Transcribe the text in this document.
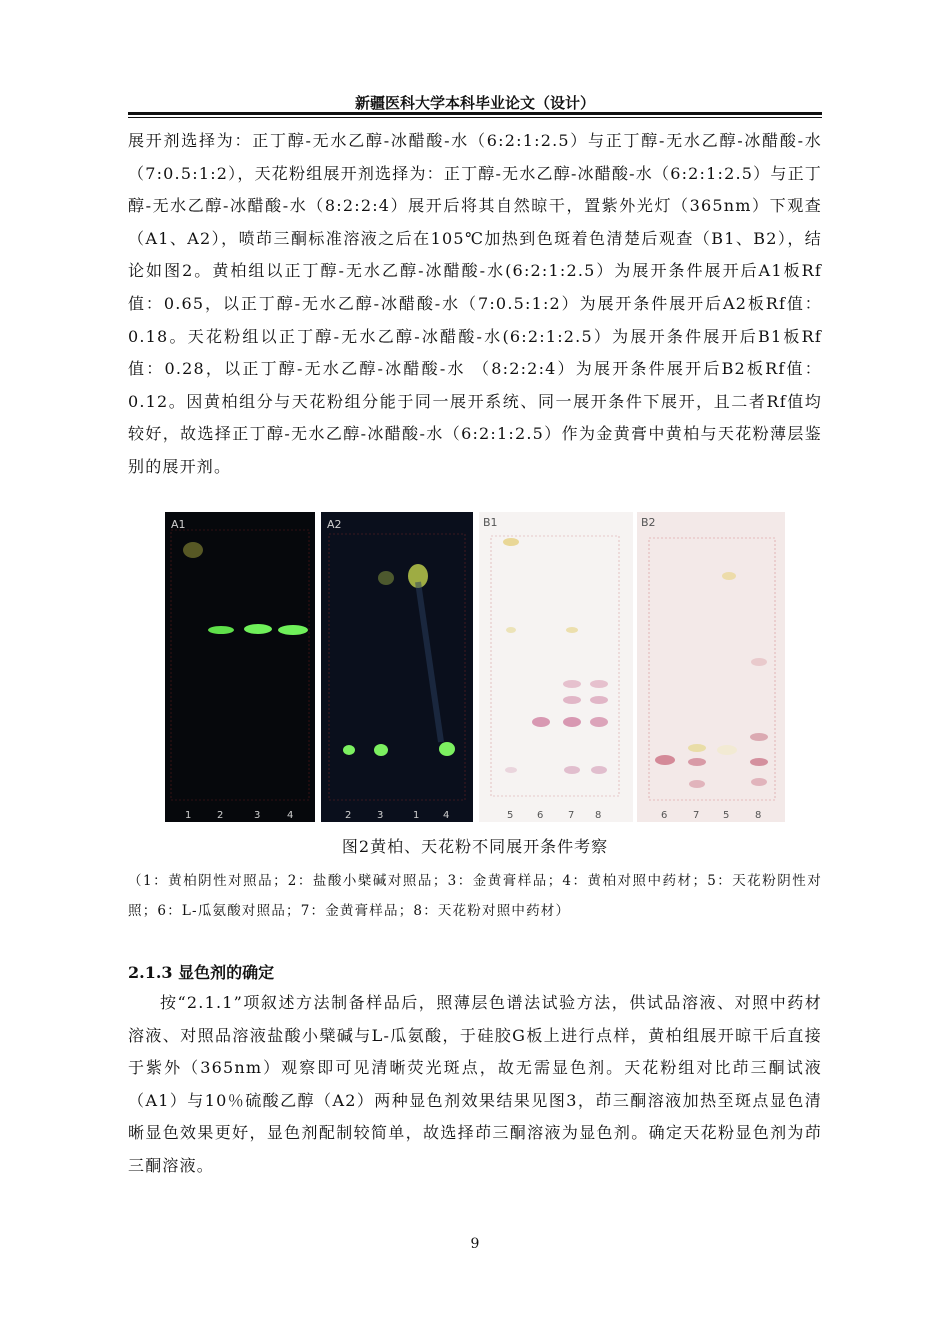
新疆医科大学本科毕业论文（设计）
展开剂选择为：正丁醇-无水乙醇-冰醋酸-水（6:2:1:2.5）与正丁醇-无水乙醇-冰醋酸-水（7:0.5:1:2），天花粉组展开剂选择为：正丁醇-无水乙醇-冰醋酸-水（6:2:1:2.5）与正丁醇-无水乙醇-冰醋酸-水（8:2:2:4）展开后将其自然晾干，置紫外光灯（365nm）下观查（A1、A2），喷茚三酮标准溶液之后在105℃加热到色斑着色清楚后观查（B1、B2），结论如图2。黄柏组以正丁醇-无水乙醇-冰醋酸-水(6:2:1:2.5）为展开条件展开后A1板Rf值：0.65，以正丁醇-无水乙醇-冰醋酸-水（7:0.5:1:2）为展开条件展开后A2板Rf值：0.18。天花粉组以正丁醇-无水乙醇-冰醋酸-水(6:2:1:2.5）为展开条件展开后B1板Rf值：0.28，以正丁醇-无水乙醇-冰醋酸-水 （8:2:2:4）为展开条件展开后B2板Rf值：0.12。因黄柏组分与天花粉组分能于同一展开系统、同一展开条件下展开，且二者Rf值均较好，故选择正丁醇-无水乙醇-冰醋酸-水（6:2:1:2.5）作为金黄膏中黄柏与天花粉薄层鉴别的展开剂。
A1
1	2	3	4
A2
2	3	1 4
B1
5 6 7 8
B2
6	7 5	8
图2黄柏、天花粉不同展开条件考察
（1：黄柏阴性对照品；2：盐酸小檗碱对照品；3：金黄膏样品；4：黄柏对照中药材；5：天花粉阴性对照；6：L-瓜氨酸对照品；7：金黄膏样品；8：天花粉对照中药材）
2.1.3 显色剂的确定
按“2.1.1”项叙述方法制备样品后，照薄层色谱法试验方法，供试品溶液、对照中药材溶液、对照品溶液盐酸小檗碱与L-瓜氨酸，于硅胶G板上进行点样，黄柏组展开晾干后直接于紫外（365nm）观察即可见清晰荧光斑点，故无需显色剂。天花粉组对比茚三酮试液（A1）与10％硫酸乙醇（A2）两种显色剂效果结果见图3，茚三酮溶液加热至斑点显色清晰显色效果更好，显色剂配制较简单，故选择茚三酮溶液为显色剂。确定天花粉显色剂为茚三酮溶液。
9
